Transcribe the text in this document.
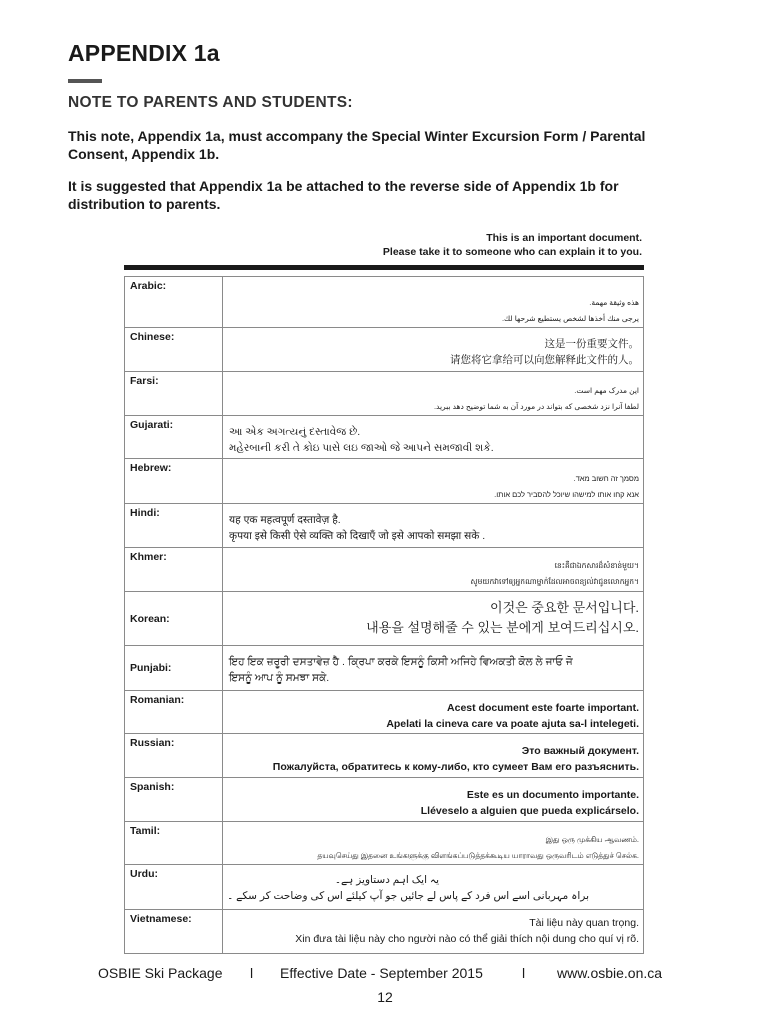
APPENDIX 1a
NOTE TO PARENTS AND STUDENTS:
This note, Appendix 1a, must accompany the Special Winter Excursion Form / Parental Consent, Appendix 1b.
It is suggested that Appendix 1a be attached to the reverse side of Appendix 1b for distribution to parents.
This is an important document.
Please take it to someone who can explain it to you.
Arabic:	هذه وثيقة مهمة.
يرجى منك أخذها لشخص يستطيع شرحها لك.

Chinese:	这是一份重要文件。
请您将它拿给可以向您解释此文件的人。

Farsi:	این مدرک مهم است.
لطفا آنرا نزد شخصی که بتواند در مورد آن به شما توضیح دهد ببرید.

Gujarati:	આ એક અગત્યનું દસ્તાવેજ છે.
મહેરબાની કરી તે કોઇ પાસે લઇ જાઓ જે આપને સમજાવી શકે.

Hebrew:	מסמך זה חשוב מאד.
אנא קחו אותו למישהו שיוכל להסביר לכם אותו.

Hindi:	यह एक महत्वपूर्ण दस्तावेज़ है.
कृपया इसे किसी ऐसे व्यक्ति को दिखाएँ जो इसे आपको समझा सके .

Khmer:	នេះគឺជាឯកសារដ៏សំខាន់មួយ។
សូមយកវាទៅឲ្យអ្នកណាម្នាក់ដែលអាចពន្យល់វាជូនលោកអ្នក។

Korean:	이것은 중요한 문서입니다.
내용을 설명해줄 수 있는 분에게 보여드리십시오.

Punjabi:	ਇਹ ਇਕ ਜ਼ਰੂਰੀ ਦਸਤਾਵੇਜ਼ ਹੈ . ਕ੍ਰਿਪਾ ਕਰਕੇ ਇਸਨੂੰ ਕਿਸੀ ਅਜਿਹੇ ਵਿਅਕਤੀ ਕੋਲ ਲੇ ਜਾਓ ਜੋ
ਇਸਨੂੰ ਆਪ ਨੂੰ ਸਮਝਾ ਸਕੇ.

Romanian:	Acest document este foarte important.
Apelati la cineva care va poate ajuta sa-l intelegeti.

Russian:	Это важный документ.
Пожалуйста, обратитесь к кому-либо, кто сумеет Вам его разъяснить.

Spanish:	Este es un documento importante.
Lléveselo a alguien que pueda explicárselo.

Tamil:	இது ஒரு முக்கிய ஆவணம்.
தயவுசெய்து இதனை உங்களுக்கு விளங்கப்படுத்தக்கூடிய யாராவது ஒருவரிடம் எடுத்துச் செல்க.

Urdu:	یہ ایک اہم دستاویز ہے۔
براہ مہربانی اسے اس فرد کے پاس لے جائیں جو آپ کیلئے اس کی وضاحت کر سکے ۔

Vietnamese:	Tài liệu này quan trọng.
Xin đưa tài liệu này cho người nào có thể giải thích nội dung cho quí vị rõ.
OSBIE Ski Package l Effective Date - September 2015	l www.osbie.on.ca
12
